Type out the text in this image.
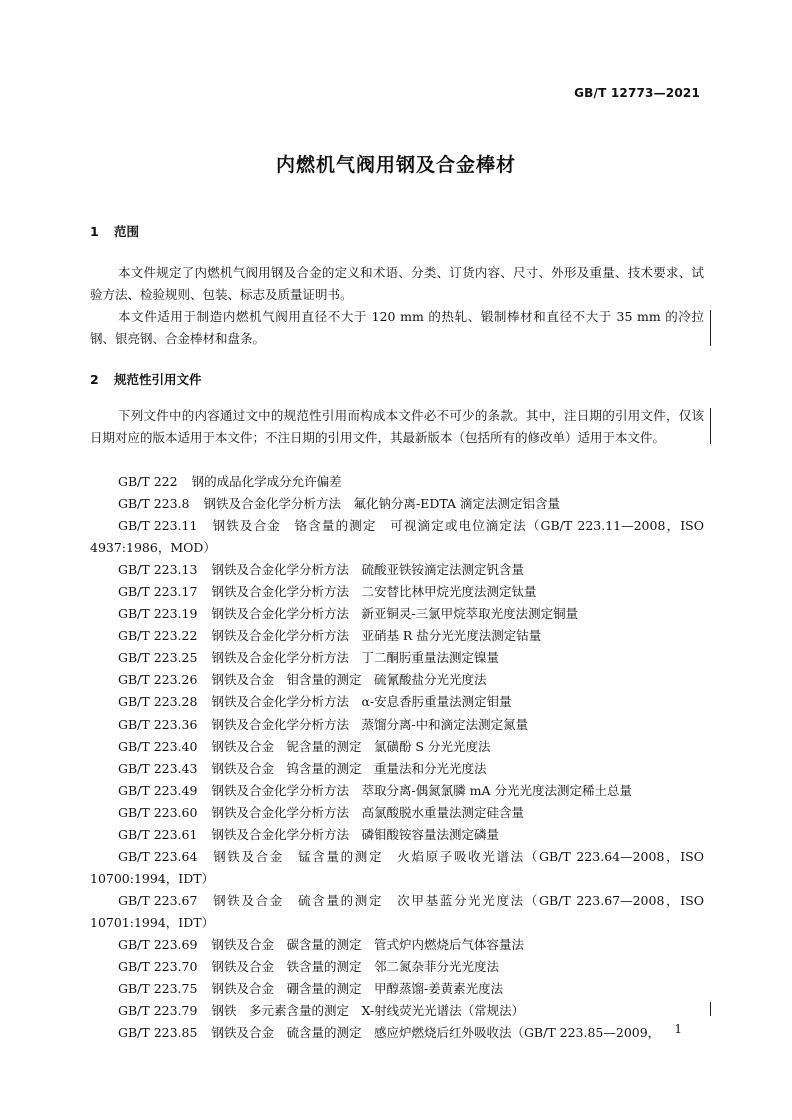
GB/T 12773—2021
内燃机气阀用钢及合金棒材
1 范围
本文件规定了内燃机气阀用钢及合金的定义和术语、分类、订货内容、尺寸、外形及重量、技术要求、试验方法、检验规则、包装、标志及质量证明书。
本文件适用于制造内燃机气阀用直径不大于 120 mm 的热轧、锻制棒材和直径不大于 35 mm 的冷拉钢、银亮钢、合金棒材和盘条。
2 规范性引用文件
下列文件中的内容通过文中的规范性引用而构成本文件必不可少的条款。其中，注日期的引用文件，仅该日期对应的版本适用于本文件；不注日期的引用文件，其最新版本（包括所有的修改单）适用于本文件。
GB/T 222 钢的成品化学成分允许偏差
GB/T 223.8 钢铁及合金化学分析方法　氟化钠分离-EDTA 滴定法测定铝含量
GB/T 223.11 钢铁及合金　铬含量的测定　可视滴定或电位滴定法（GB/T 223.11—2008，ISO 4937:1986，MOD）
GB/T 223.13 钢铁及合金化学分析方法　硫酸亚铁铵滴定法测定钒含量
GB/T 223.17 钢铁及合金化学分析方法　二安替比林甲烷光度法测定钛量
GB/T 223.19 钢铁及合金化学分析方法　新亚铜灵-三氯甲烷萃取光度法测定铜量
GB/T 223.22 钢铁及合金化学分析方法　亚硝基 R 盐分光光度法测定钴量
GB/T 223.25 钢铁及合金化学分析方法　丁二酮肟重量法测定镍量
GB/T 223.26 钢铁及合金　钼含量的测定　硫氰酸盐分光光度法
GB/T 223.28 钢铁及合金化学分析方法　α-安息香肟重量法测定钼量
GB/T 223.36 钢铁及合金化学分析方法　蒸馏分离-中和滴定法测定氮量
GB/T 223.40 钢铁及合金　铌含量的测定　氯磺酚 S 分光光度法
GB/T 223.43 钢铁及合金　钨含量的测定　重量法和分光光度法
GB/T 223.49 钢铁及合金化学分析方法　萃取分离-偶氮氯膦 mA 分光光度法测定稀土总量
GB/T 223.60 钢铁及合金化学分析方法　高氯酸脱水重量法测定硅含量
GB/T 223.61 钢铁及合金化学分析方法　磷钼酸铵容量法测定磷量
GB/T 223.64 钢铁及合金　锰含量的测定　火焰原子吸收光谱法（GB/T 223.64—2008，ISO 10700:1994，IDT）
GB/T 223.67 钢铁及合金　硫含量的测定　次甲基蓝分光光度法（GB/T 223.67—2008，ISO 10701:1994，IDT）
GB/T 223.69 钢铁及合金　碳含量的测定　管式炉内燃烧后气体容量法
GB/T 223.70 钢铁及合金　铁含量的测定　邻二氮杂菲分光光度法
GB/T 223.75 钢铁及合金　硼含量的测定　甲醇蒸馏-姜黄素光度法
GB/T 223.79 钢铁　多元素含量的测定　X-射线荧光光谱法（常规法）
GB/T 223.85 钢铁及合金　硫含量的测定　感应炉燃烧后红外吸收法（GB/T 223.85—2009，	1
